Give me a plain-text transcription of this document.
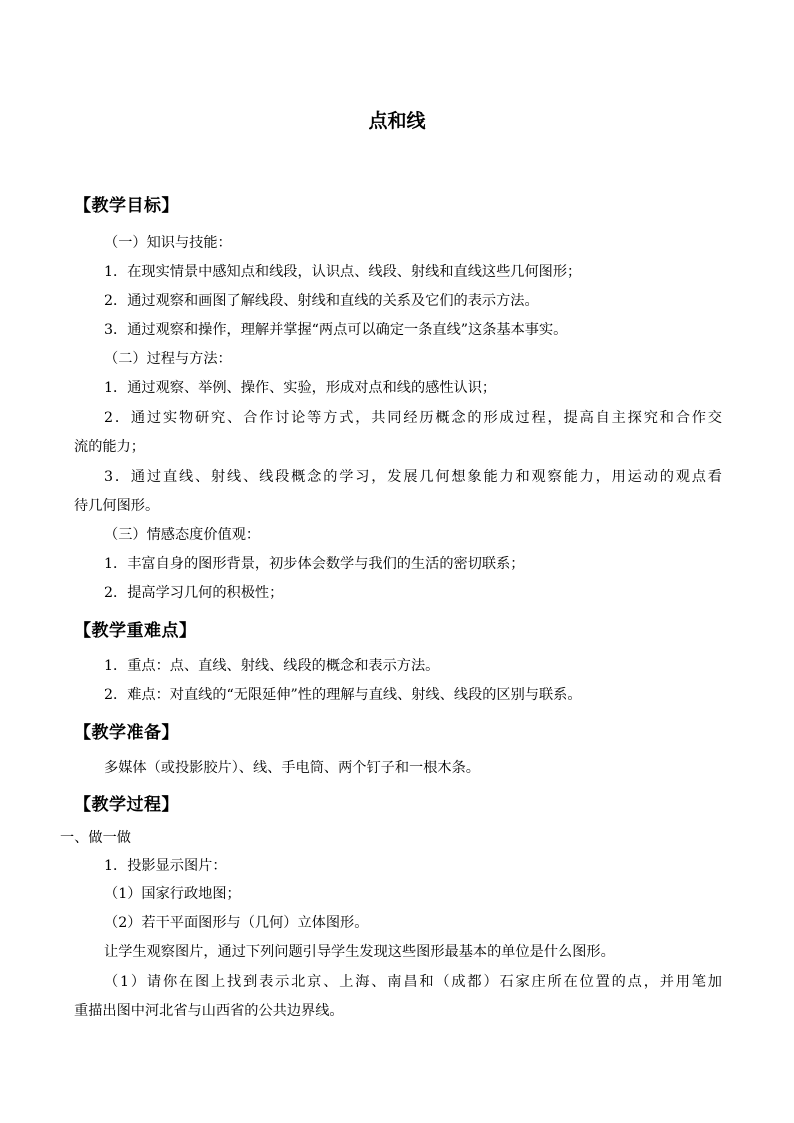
点和线
【教学目标】
（一）知识与技能：
1．在现实情景中感知点和线段，认识点、线段、射线和直线这些几何图形；
2．通过观察和画图了解线段、射线和直线的关系及它们的表示方法。
3．通过观察和操作，理解并掌握“两点可以确定一条直线”这条基本事实。
（二）过程与方法：
1．通过观察、举例、操作、实验，形成对点和线的感性认识；
2．通过实物研究、合作讨论等方式，共同经历概念的形成过程，提高自主探究和合作交
流的能力；
3．通过直线、射线、线段概念的学习，发展几何想象能力和观察能力，用运动的观点看
待几何图形。
（三）情感态度价值观：
1．丰富自身的图形背景，初步体会数学与我们的生活的密切联系；
2．提高学习几何的积极性；
【教学重难点】
1．重点：点、直线、射线、线段的概念和表示方法。
2．难点：对直线的“无限延伸”性的理解与直线、射线、线段的区别与联系。
【教学准备】
多媒体（或投影胶片）、线、手电筒、两个钉子和一根木条。
【教学过程】
一、做一做
1．投影显示图片：
（1）国家行政地图；
（2）若干平面图形与（几何）立体图形。
让学生观察图片，通过下列问题引导学生发现这些图形最基本的单位是什么图形。
（1）请你在图上找到表示北京、上海、南昌和（成都）石家庄所在位置的点，并用笔加
重描出图中河北省与山西省的公共边界线。
